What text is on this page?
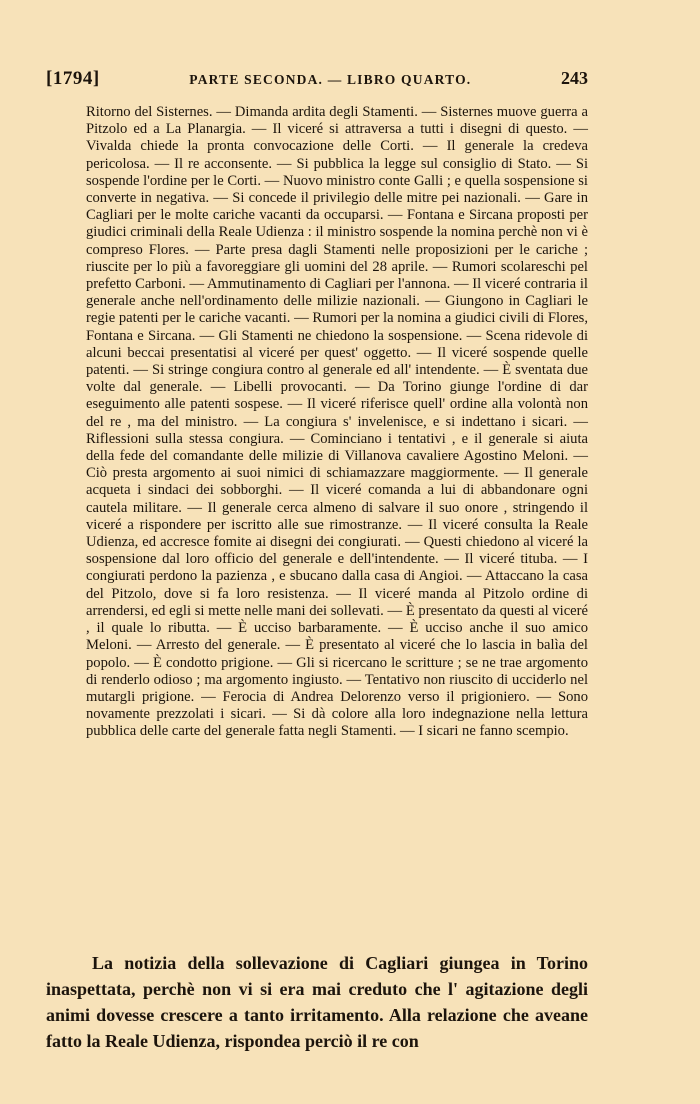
[1794]	PARTE SECONDA. — LIBRO QUARTO.	243

Ritorno del Sisternes. — Dimanda ardita degli Stamenti. — Sisternes muove guerra a Pitzolo ed a La Planargia. — Il viceré si attraversa a tutti i disegni di questo. — Vivalda chiede la pronta convocazione delle Corti. — Il generale la credeva pericolosa. — Il re acconsente. — Si pubblica la legge sul consiglio di Stato. — Si sospende l'ordine per le Corti. — Nuovo ministro conte Galli ; e quella sospensione si converte in negativa. — Si concede il privilegio delle mitre pei nazionali. — Gare in Cagliari per le molte cariche vacanti da occuparsi. — Fontana e Sircana proposti per giudici criminali della Reale Udienza : il ministro sospende la nomina perchè non vi è compreso Flores. — Parte presa dagli Stamenti nelle proposizioni per le cariche ; riuscite per lo più a favoreggiare gli uomini del 28 aprile. — Rumori scolareschi pel prefetto Carboni. — Ammutinamento di Cagliari per l'annona. — Il viceré contraria il generale anche nell'ordinamento delle milizie nazionali. — Giungono in Cagliari le regie patenti per le cariche vacanti. — Rumori per la nomina a giudici civili di Flores, Fontana e Sircana. — Gli Stamenti ne chiedono la sospensione. — Scena ridevole di alcuni beccai presentatisi al viceré per quest' oggetto. — Il viceré sospende quelle patenti. — Si stringe congiura contro al generale ed all' intendente. — È sventata due volte dal generale. — Libelli provocanti. — Da Torino giunge l'ordine di dar eseguimento alle patenti sospese. — Il viceré riferisce quell' ordine alla volontà non del re , ma del ministro. — La congiura s' invelenisce, e si indettano i sicari. — Riflessioni sulla stessa congiura. — Cominciano i tentativi , e il generale si aiuta della fede del comandante delle milizie di Villanova cavaliere Agostino Meloni. — Ciò presta argomento ai suoi nimici di schiamazzare maggiormente. — Il generale acqueta i sindaci dei sobborghi. — Il viceré comanda a lui di abbandonare ogni cautela militare. — Il generale cerca almeno di salvare il suo onore , stringendo il viceré a rispondere per iscritto alle sue rimostranze. — Il viceré consulta la Reale Udienza, ed accresce fomite ai disegni dei congiurati. — Questi chiedono al viceré la sospensione dal loro officio del generale e dell'intendente. — Il viceré tituba. — I congiurati perdono la pazienza , e sbucano dalla casa di Angioi. — Attaccano la casa del Pitzolo, dove si fa loro resistenza. — Il viceré manda al Pitzolo ordine di arrendersi, ed egli si mette nelle mani dei sollevati. — È presentato da questi al viceré , il quale lo ributta. — È ucciso barbaramente. — È ucciso anche il suo amico Meloni. — Arresto del generale. — È presentato al viceré che lo lascia in balìa del popolo. — È condotto prigione. — Gli si ricercano le scritture ; se ne trae argomento di renderlo odioso ; ma argomento ingiusto. — Tentativo non riuscito di ucciderlo nel mutargli prigione. — Ferocia di Andrea Delorenzo verso il prigioniero. — Sono novamente prezzolati i sicari. — Si dà colore alla loro indegnazione nella lettura pubblica delle carte del generale fatta negli Stamenti. — I sicari ne fanno scempio.

La notizia della sollevazione di Cagliari giungea in Torino inaspettata, perchè non vi si era mai creduto che l' agitazione degli animi dovesse crescere a tanto irritamento. Alla relazione che aveane fatto la Reale Udienza, rispondea perciò il re con
